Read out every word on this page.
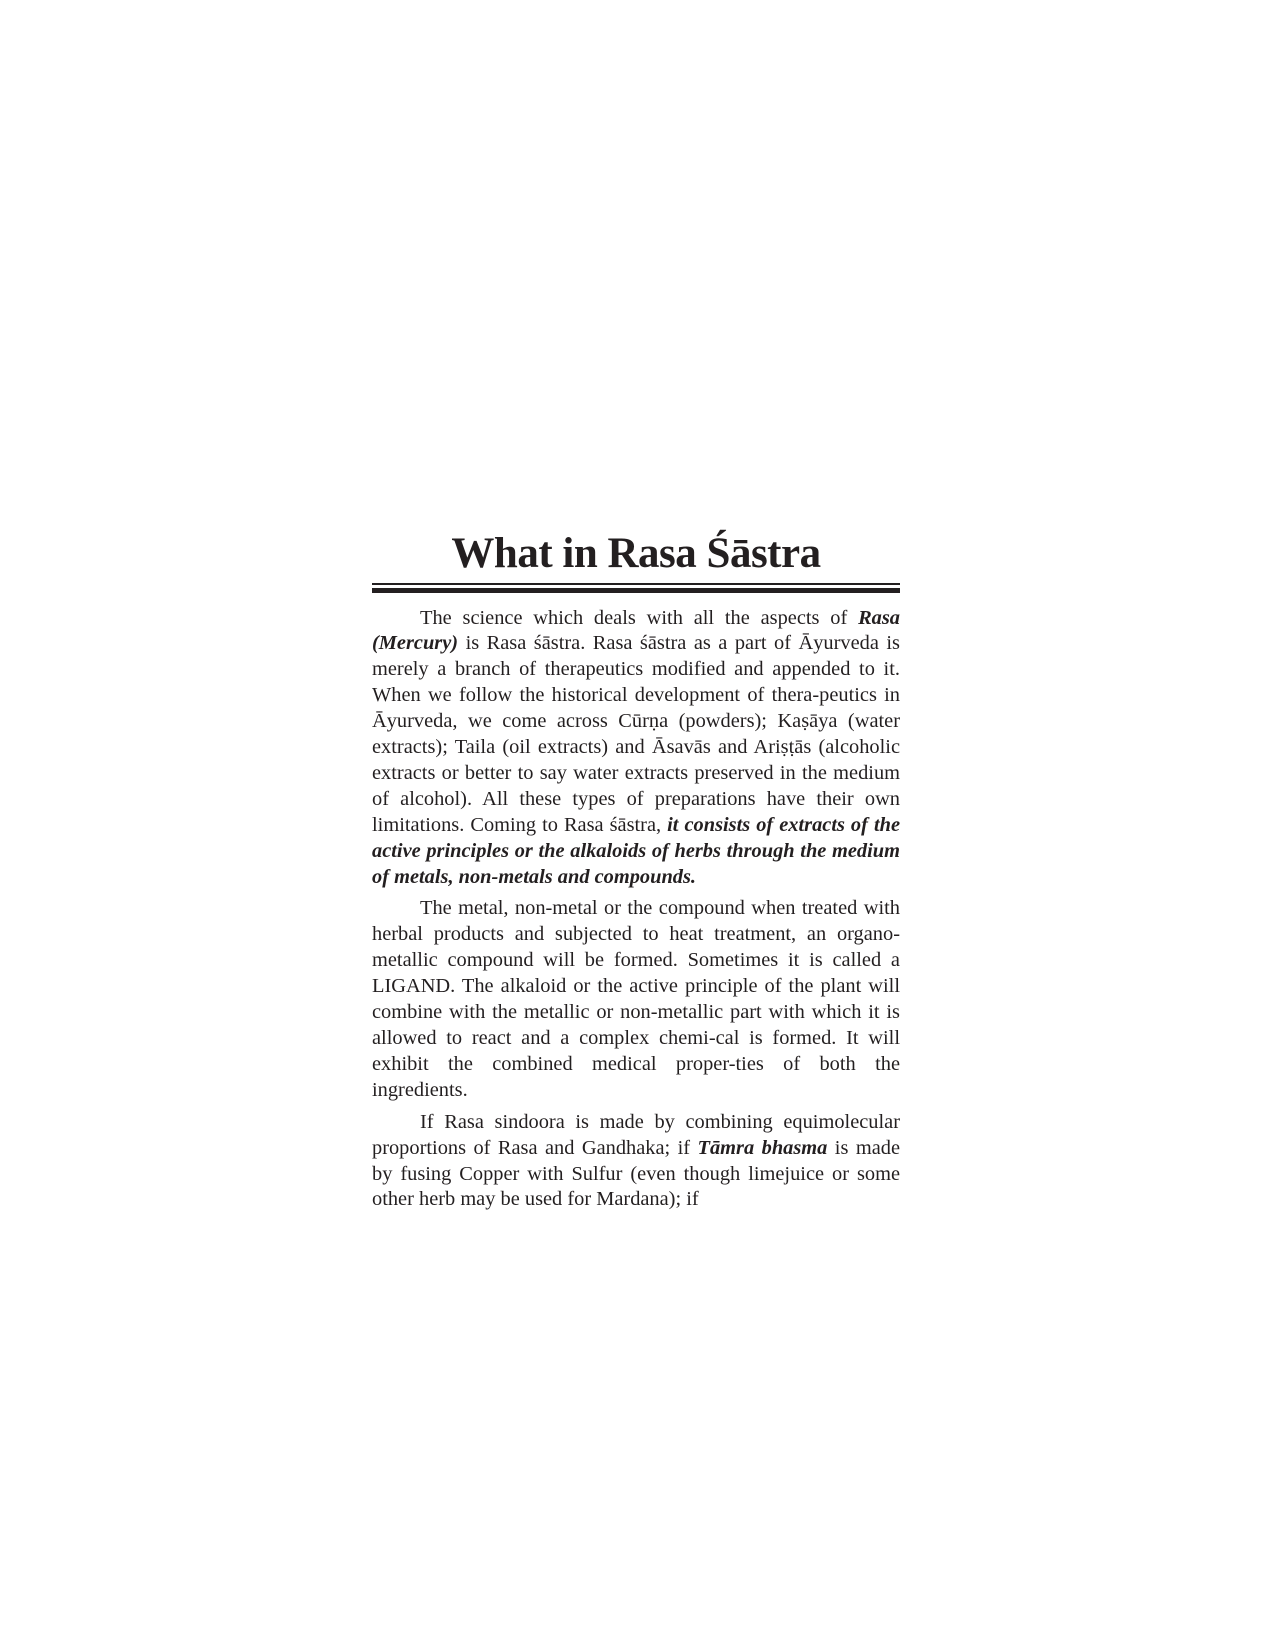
What in Rasa Śāstra

The science which deals with all the aspects of Rasa (Mercury) is Rasa śāstra. Rasa śāstra as a part of Āyurveda is merely a branch of therapeutics modified and appended to it. When we follow the historical development of thera-peutics in Āyurveda, we come across Cūrṇa (powders); Kaṣāya (water extracts); Taila (oil extracts) and Āsavās and Ariṣṭās (alcoholic extracts or better to say water extracts preserved in the medium of alcohol). All these types of preparations have their own limitations. Coming to Rasa śāstra, it consists of extracts of the active principles or the alkaloids of herbs through the medium of metals, non-metals and compounds.

The metal, non-metal or the compound when treated with herbal products and subjected to heat treatment, an organo-metallic compound will be formed. Sometimes it is called a LIGAND. The alkaloid or the active principle of the plant will combine with the metallic or non-metallic part with which it is allowed to react and a complex chemi-cal is formed. It will exhibit the combined medical proper-ties of both the ingredients.

If Rasa sindoora is made by combining equimolecular proportions of Rasa and Gandhaka; if Tāmra bhasma is made by fusing Copper with Sulfur (even though limejuice or some other herb may be used for Mardana); if
